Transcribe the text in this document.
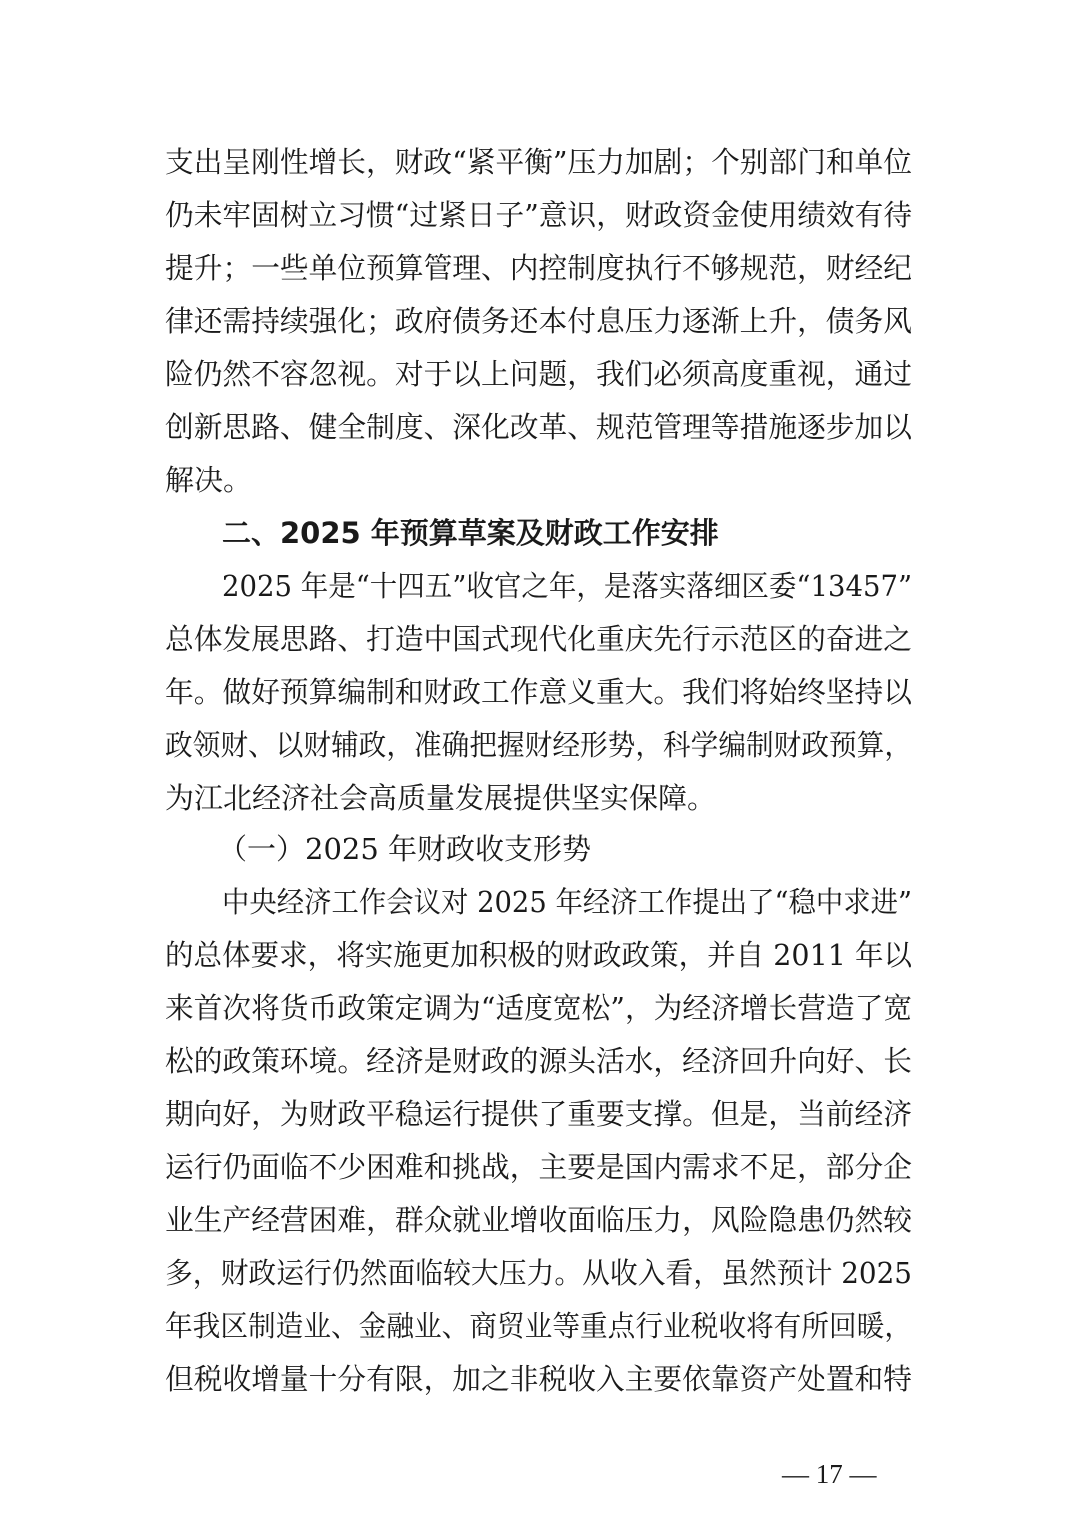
支出呈刚性增长，财政“紧平衡”压力加剧；个别部门和单位
仍未牢固树立习惯“过紧日子”意识，财政资金使用绩效有待
提升；一些单位预算管理、内控制度执行不够规范，财经纪
律还需持续强化；政府债务还本付息压力逐渐上升，债务风
险仍然不容忽视。对于以上问题，我们必须高度重视，通过
创新思路、健全制度、深化改革、规范管理等措施逐步加以
解决。
二、2025 年预算草案及财政工作安排
2025 年是“十四五”收官之年，是落实落细区委“13457”
总体发展思路、打造中国式现代化重庆先行示范区的奋进之
年。做好预算编制和财政工作意义重大。我们将始终坚持以
政领财、以财辅政，准确把握财经形势，科学编制财政预算，
为江北经济社会高质量发展提供坚实保障。
（一）2025 年财政收支形势
中央经济工作会议对 2025 年经济工作提出了“稳中求进”
的总体要求，将实施更加积极的财政政策，并自 2011 年以
来首次将货币政策定调为“适度宽松”，为经济增长营造了宽
松的政策环境。经济是财政的源头活水，经济回升向好、长
期向好，为财政平稳运行提供了重要支撑。但是，当前经济
运行仍面临不少困难和挑战，主要是国内需求不足，部分企
业生产经营困难，群众就业增收面临压力，风险隐患仍然较
多，财政运行仍然面临较大压力。从收入看，虽然预计 2025
年我区制造业、金融业、商贸业等重点行业税收将有所回暖，
但税收增量十分有限，加之非税收入主要依靠资产处置和特
— 17 —
